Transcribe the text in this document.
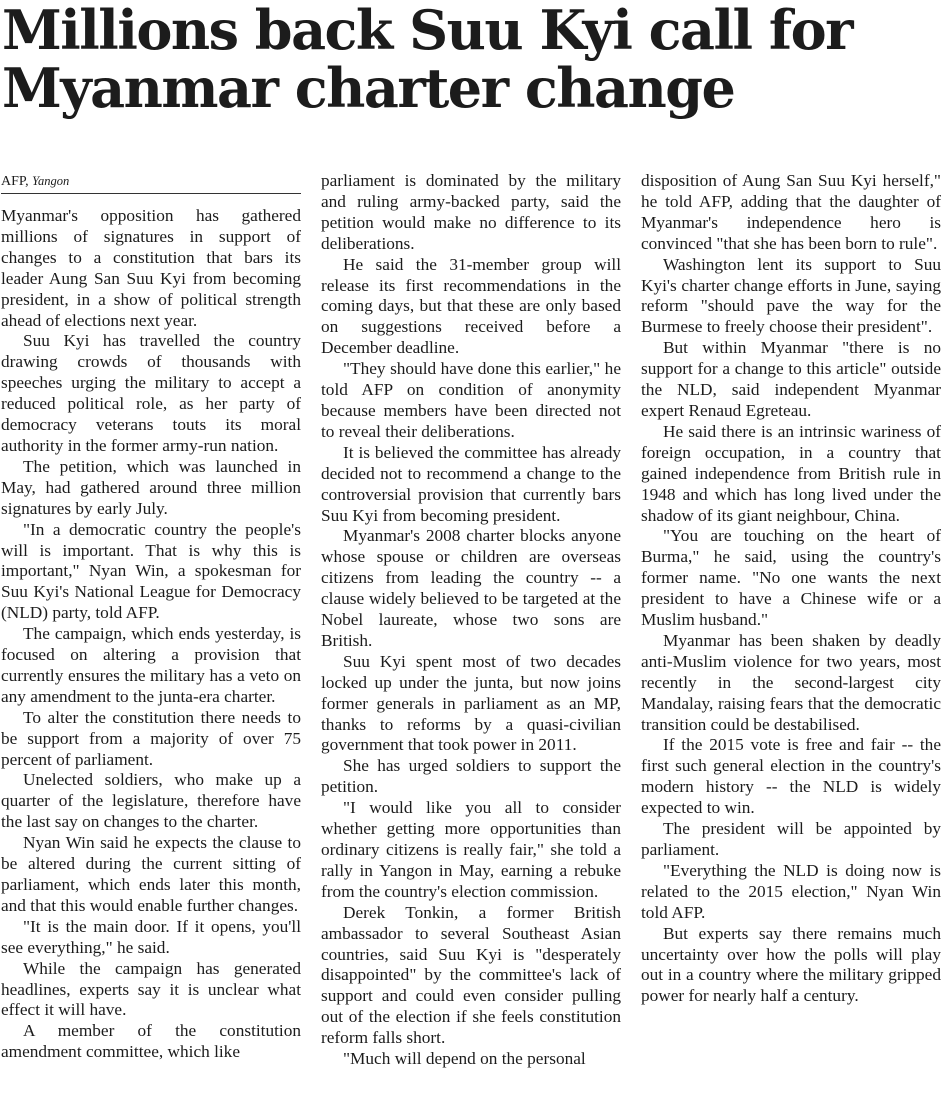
Millions back Suu Kyi call for
Myanmar charter change
AFP, Yangon

Myanmar's opposition has gathered millions of signatures in support of changes to a constitution that bars its leader Aung San Suu Kyi from becoming president, in a show of political strength ahead of elections next year.

Suu Kyi has travelled the country drawing crowds of thousands with speeches urging the military to accept a reduced political role, as her party of democracy veterans touts its moral authority in the former army-run nation.

The petition, which was launched in May, had gathered around three million signatures by early July.

"In a democratic country the people's will is important. That is why this is important," Nyan Win, a spokesman for Suu Kyi's National League for Democracy (NLD) party, told AFP.

The campaign, which ends yesterday, is focused on altering a provision that currently ensures the military has a veto on any amendment to the junta-era charter.

To alter the constitution there needs to be support from a majority of over 75 percent of parliament.

Unelected soldiers, who make up a quarter of the legislature, therefore have the last say on changes to the charter.

Nyan Win said he expects the clause to be altered during the current sitting of parliament, which ends later this month, and that this would enable further changes.

"It is the main door. If it opens, you'll see everything," he said.

While the campaign has generated headlines, experts say it is unclear what effect it will have.

A member of the constitution amendment committee, which like

parliament is dominated by the military and ruling army-backed party, said the petition would make no difference to its deliberations.

He said the 31-member group will release its first recommendations in the coming days, but that these are only based on suggestions received before a December deadline.

"They should have done this earlier," he told AFP on condition of anonymity because members have been directed not to reveal their deliberations.

It is believed the committee has already decided not to recommend a change to the controversial provision that currently bars Suu Kyi from becoming president.

Myanmar's 2008 charter blocks anyone whose spouse or children are overseas citizens from leading the country -- a clause widely believed to be targeted at the Nobel laureate, whose two sons are British.

Suu Kyi spent most of two decades locked up under the junta, but now joins former generals in parliament as an MP, thanks to reforms by a quasi-civilian government that took power in 2011.

She has urged soldiers to support the petition.

"I would like you all to consider whether getting more opportunities than ordinary citizens is really fair," she told a rally in Yangon in May, earning a rebuke from the country's election commission.

Derek Tonkin, a former British ambassador to several Southeast Asian countries, said Suu Kyi is "desperately disappointed" by the committee's lack of support and could even consider pulling out of the election if she feels constitution reform falls short.

"Much will depend on the personal

disposition of Aung San Suu Kyi herself," he told AFP, adding that the daughter of Myanmar's independence hero is convinced "that she has been born to rule".

Washington lent its support to Suu Kyi's charter change efforts in June, saying reform "should pave the way for the Burmese to freely choose their president".

But within Myanmar "there is no support for a change to this article" outside the NLD, said independent Myanmar expert Renaud Egreteau.

He said there is an intrinsic wariness of foreign occupation, in a country that gained independence from British rule in 1948 and which has long lived under the shadow of its giant neighbour, China.

"You are touching on the heart of Burma," he said, using the country's former name. "No one wants the next president to have a Chinese wife or a Muslim husband."

Myanmar has been shaken by deadly anti-Muslim violence for two years, most recently in the second-largest city Mandalay, raising fears that the democratic transition could be destabilised.

If the 2015 vote is free and fair -- the first such general election in the country's modern history -- the NLD is widely expected to win.

The president will be appointed by parliament.

"Everything the NLD is doing now is related to the 2015 election," Nyan Win told AFP.

But experts say there remains much uncertainty over how the polls will play out in a country where the military gripped power for nearly half a century.
